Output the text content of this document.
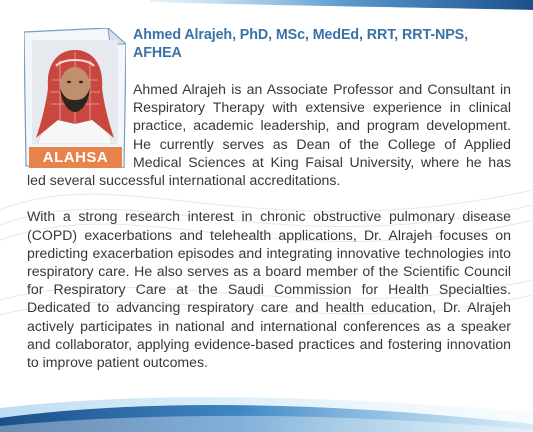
ALAHSA
Ahmed Alrajeh, PhD, MSc, MedEd, RRT, RRT-NPS, AFHEA

Ahmed Alrajeh is an Associate Professor and Consultant in Respiratory Therapy with extensive experience in clinical practice, academic leadership, and program development. He currently serves as Dean of the College of Applied Medical Sciences at King Faisal University, where he has led several successful international accreditations.

With a strong research interest in chronic obstructive pulmonary disease (COPD) exacerbations and telehealth applications, Dr. Alrajeh focuses on predicting exacerbation episodes and integrating innovative technologies into respiratory care. He also serves as a board member of the Scientific Council for Respiratory Care at the Saudi Commission for Health Specialties. Dedicated to advancing respiratory care and health education, Dr. Alrajeh actively participates in national and international conferences as a speaker and collaborator, applying evidence-based practices and fostering innovation to improve patient outcomes.
